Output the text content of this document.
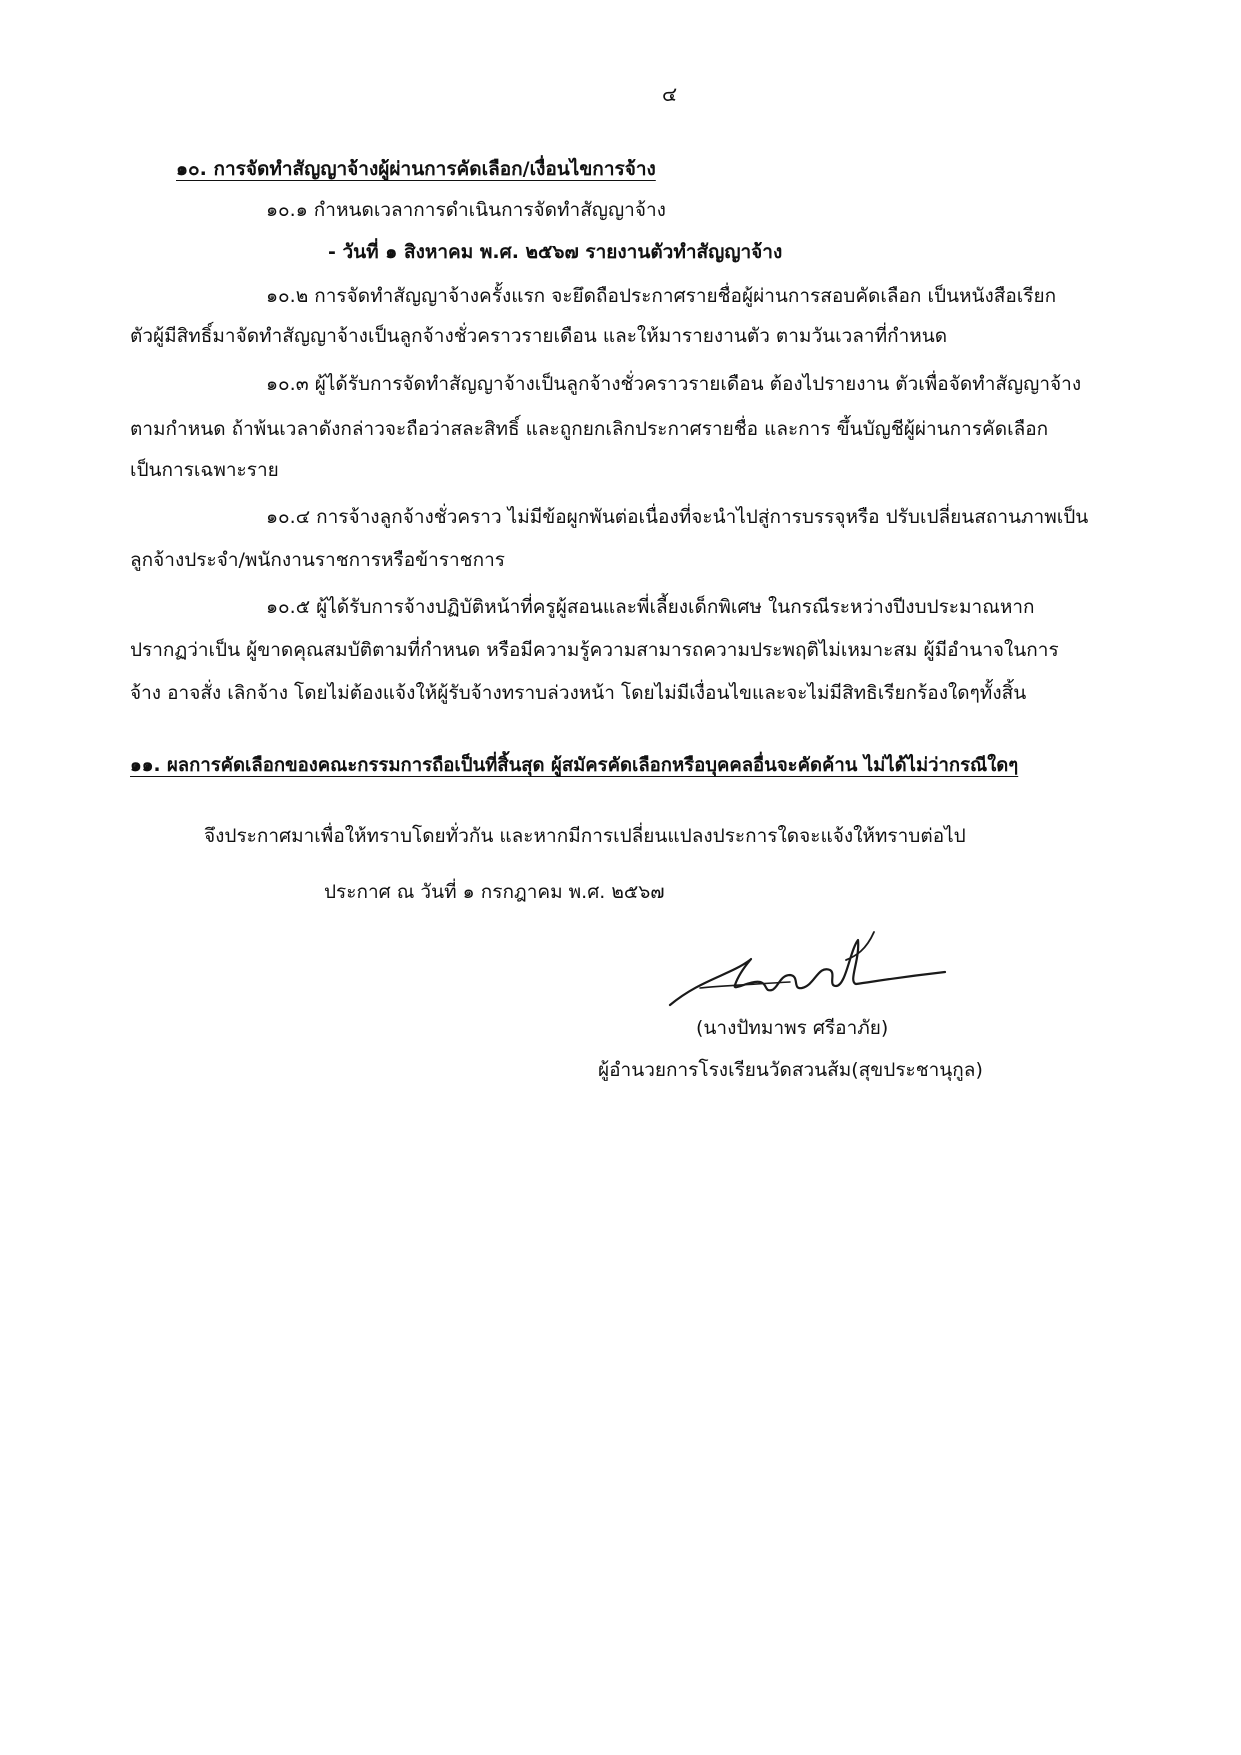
๔
๑๐. การจัดทำสัญญาจ้างผู้ผ่านการคัดเลือก/เงื่อนไขการจ้าง
๑๐.๑ กำหนดเวลาการดำเนินการจัดทำสัญญาจ้าง
- วันที่ ๑ สิงหาคม พ.ศ. ๒๕๖๗ รายงานตัวทำสัญญาจ้าง
๑๐.๒ การจัดทำสัญญาจ้างครั้งแรก จะยึดถือประกาศรายชื่อผู้ผ่านการสอบคัดเลือก เป็นหนังสือเรียก
ตัวผู้มีสิทธิ์มาจัดทำสัญญาจ้างเป็นลูกจ้างชั่วคราวรายเดือน และให้มารายงานตัว ตามวันเวลาที่กำหนด
๑๐.๓ ผู้ได้รับการจัดทำสัญญาจ้างเป็นลูกจ้างชั่วคราวรายเดือน ต้องไปรายงาน ตัวเพื่อจัดทำสัญญาจ้าง
ตามกำหนด ถ้าพ้นเวลาดังกล่าวจะถือว่าสละสิทธิ์ และถูกยกเลิกประกาศรายชื่อ และการ ขึ้นบัญชีผู้ผ่านการคัดเลือก
เป็นการเฉพาะราย
๑๐.๔ การจ้างลูกจ้างชั่วคราว ไม่มีข้อผูกพันต่อเนื่องที่จะนำไปสู่การบรรจุหรือ ปรับเปลี่ยนสถานภาพเป็น
ลูกจ้างประจำ/พนักงานราชการหรือข้าราชการ
๑๐.๕ ผู้ได้รับการจ้างปฏิบัติหน้าที่ครูผู้สอนและพี่เลี้ยงเด็กพิเศษ ในกรณีระหว่างปีงบประมาณหาก
ปรากฏว่าเป็น ผู้ขาดคุณสมบัติตามที่กำหนด หรือมีความรู้ความสามารถความประพฤติไม่เหมาะสม ผู้มีอำนาจในการ
จ้าง อาจสั่ง เลิกจ้าง โดยไม่ต้องแจ้งให้ผู้รับจ้างทราบล่วงหน้า โดยไม่มีเงื่อนไขและจะไม่มีสิทธิเรียกร้องใดๆทั้งสิ้น
๑๑. ผลการคัดเลือกของคณะกรรมการถือเป็นที่สิ้นสุด ผู้สมัครคัดเลือกหรือบุคคลอื่นจะคัดค้าน ไม่ได้ไม่ว่ากรณีใดๆ
จึงประกาศมาเพื่อให้ทราบโดยทั่วกัน และหากมีการเปลี่ยนแปลงประการใดจะแจ้งให้ทราบต่อไป
ประกาศ ณ วันที่ ๑ กรกฎาคม พ.ศ. ๒๕๖๗
(นางปัทมาพร ศรีอาภัย)
ผู้อำนวยการโรงเรียนวัดสวนส้ม(สุขประชานุกูล)
